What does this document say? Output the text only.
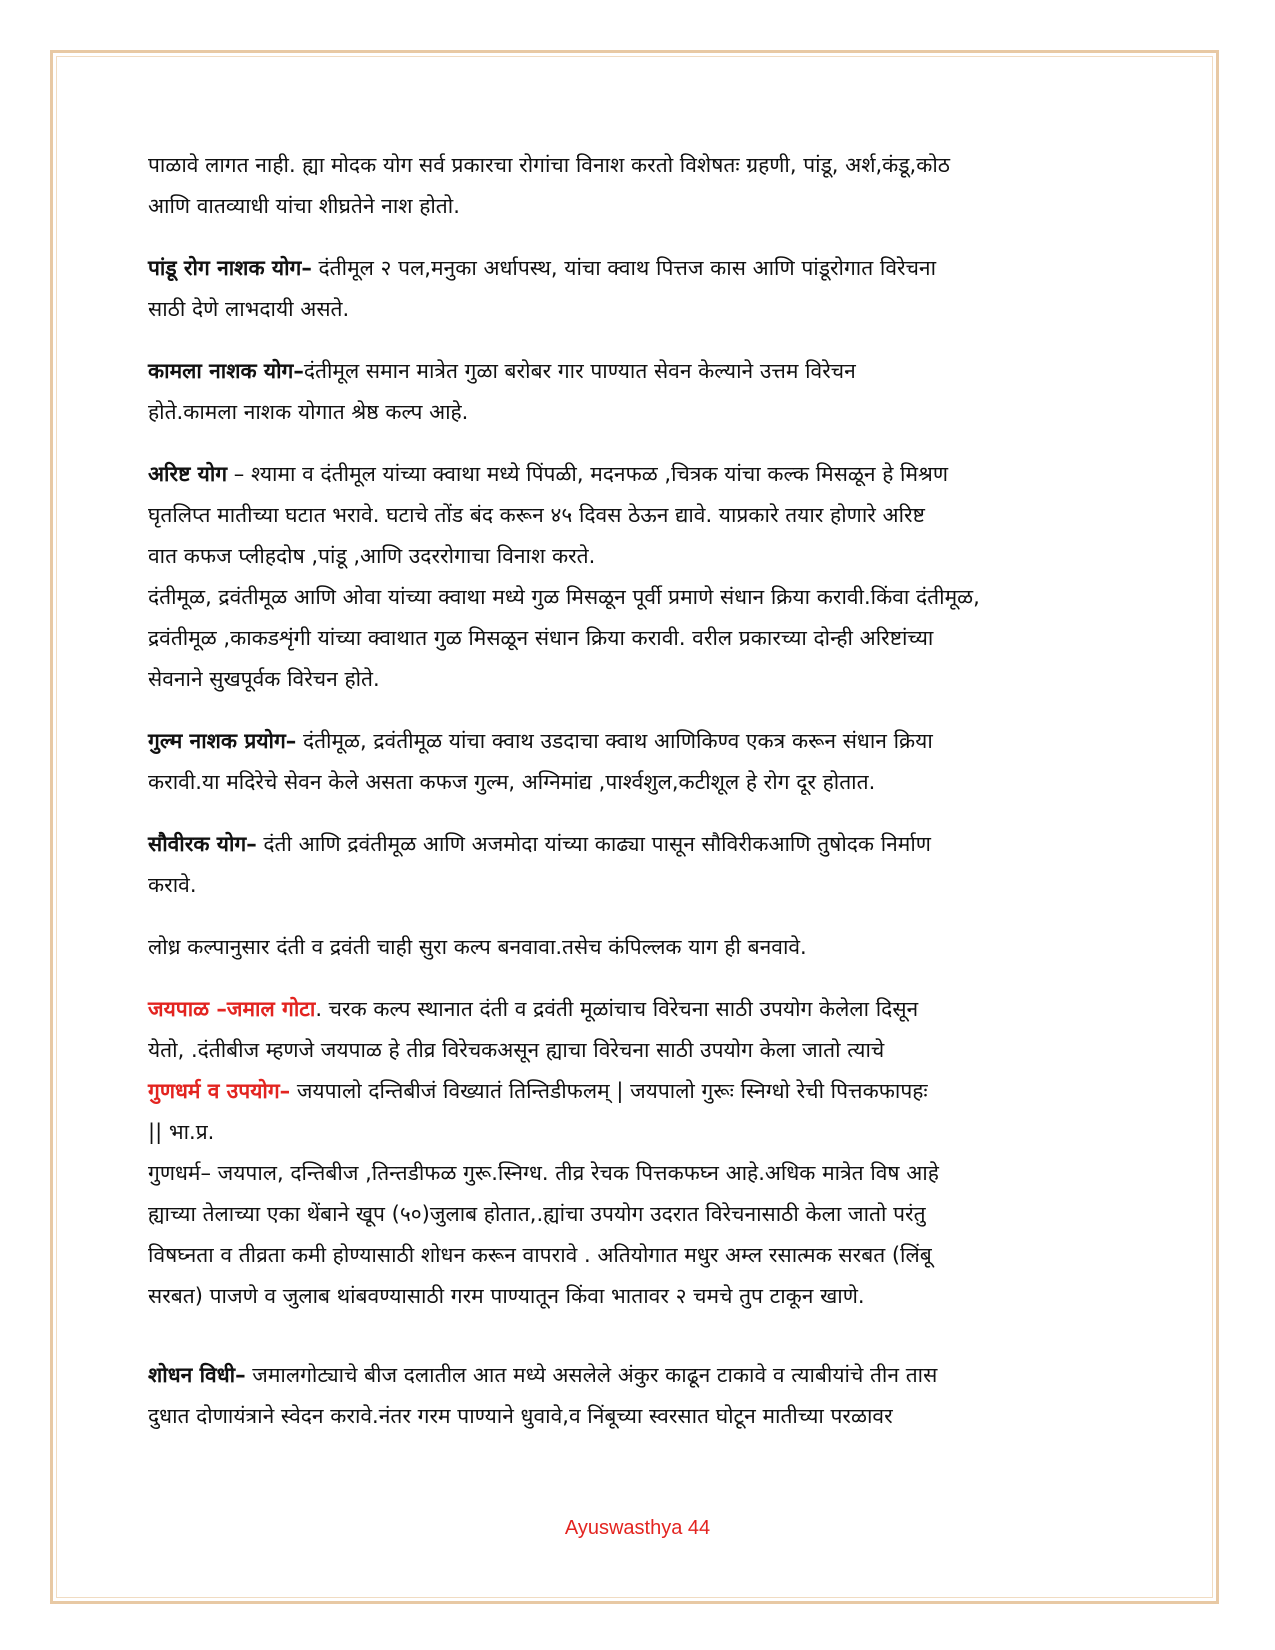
पाळावे लागत नाही. ह्या मोदक योग सर्व प्रकारचा रोगांचा विनाश करतो विशेषतः ग्रहणी, पांडू, अर्श,कंडू,कोठ
आणि वातव्याधी यांचा शीघ्रतेने नाश होतो.

पांडू रोग नाशक योग– दंतीमूल २ पल,मनुका अर्धापस्थ, यांचा क्वाथ पित्तज कास आणि पांडूरोगात विरेचना
साठी देणे लाभदायी असते.

कामला नाशक योग–दंतीमूल समान मात्रेत गुळा बरोबर गार पाण्यात सेवन केल्याने उत्तम विरेचन
होते.कामला नाशक योगात श्रेष्ठ कल्प आहे.

अरिष्ट योग – श्यामा व दंतीमूल यांच्या क्वाथा मध्ये पिंपळी, मदनफळ ,चित्रक यांचा कल्क मिसळून हे मिश्रण
घृतलिप्त मातीच्या घटात भरावे. घटाचे तोंड बंद करून ४५ दिवस ठेऊन द्यावे. याप्रकारे तयार होणारे अरिष्ट
वात कफज प्लीहदोष ,पांडू ,आणि उदररोगाचा विनाश करते.
दंतीमूळ, द्रवंतीमूळ आणि ओवा यांच्या क्वाथा मध्ये गुळ मिसळून पूर्वी प्रमाणे संधान क्रिया करावी.किंवा दंतीमूळ,
द्रवंतीमूळ ,काकडशृंगी यांच्या क्वाथात गुळ मिसळून संधान क्रिया करावी. वरील प्रकारच्या दोन्ही अरिष्टांच्या
सेवनाने सुखपूर्वक विरेचन होते.

गुल्म नाशक प्रयोग– दंतीमूळ, द्रवंतीमूळ यांचा क्वाथ उडदाचा क्वाथ आणिकिण्व एकत्र करून संधान क्रिया
करावी.या मदिरेचे सेवन केले असता कफज गुल्म, अग्निमांद्य ,पार्श्वशुल,कटीशूल हे रोग दूर होतात.

सौवीरक योग– दंती आणि द्रवंतीमूळ आणि अजमोदा यांच्या काढ्या पासून सौविरीकआणि तुषोदक निर्माण
करावे.

लोध्र कल्पानुसार दंती व द्रवंती चाही सुरा कल्प बनवावा.तसेच कंपिल्लक याग ही बनवावे.

जयपाळ –जमाल गोटा. चरक कल्प स्थानात दंती व द्रवंती मूळांचाच विरेचना साठी उपयोग केलेला दिसून
येतो, .दंतीबीज म्हणजे जयपाळ हे तीव्र विरेचकअसून ह्याचा विरेचना साठी उपयोग केला जातो त्याचे
गुणधर्म व उपयोग– जयपालो दन्तिबीजं विख्यातं तिन्तिडीफलम् | जयपालो गुरूः स्निग्धो रेची पित्तकफापहः
|| भा.प्र.
गुणधर्म– जयपाल, दन्तिबीज ,तिन्तडीफळ गुरू.स्निग्ध. तीव्र रेचक पित्तकफघ्न आहे.अधिक मात्रेत विष आहे
ह्याच्या तेलाच्या एका थेंबाने खूप (५०)जुलाब होतात,.ह्यांचा उपयोग उदरात विरेचनासाठी केला जातो परंतु
विषघ्नता व तीव्रता कमी होण्यासाठी शोधन करून वापरावे . अतियोगात मधुर अम्ल रसात्मक सरबत (लिंबू
सरबत) पाजणे व जुलाब थांबवण्यासाठी गरम पाण्यातून किंवा भातावर २ चमचे तुप टाकून खाणे.

शोधन विधी– जमालगोट्याचे बीज दलातील आत मध्ये असलेले अंकुर काढून टाकावे व त्याबीयांचे तीन तास
दुधात दोणायंत्राने स्वेदन करावे.नंतर गरम पाण्याने धुवावे,व निंबूच्या स्वरसात घोटून मातीच्या परळावर

Ayuswasthya 44
